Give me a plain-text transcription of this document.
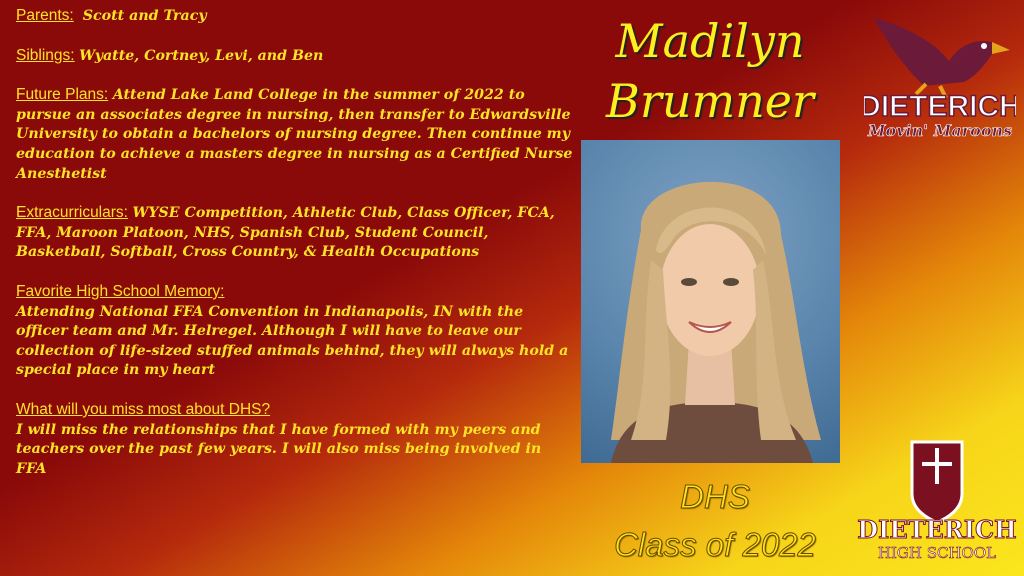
Parents: Scott and Tracy

Siblings: Wyatte, Cortney, Levi, and Ben

Future Plans: Attend Lake Land College in the summer of 2022 to pursue an associates degree in nursing, then transfer to Edwardsville University to obtain a bachelors of nursing degree. Then continue my education to achieve a masters degree in nursing as a Certified Nurse Anesthetist

Extracurriculars: WYSE Competition, Athletic Club, Class Officer, FCA, FFA, Maroon Platoon, NHS, Spanish Club, Student Council, Basketball, Softball, Cross Country, & Health Occupations

Favorite High School Memory:
Attending National FFA Convention in Indianapolis, IN with the officer team and Mr. Helregel. Although I will have to leave our collection of life-sized stuffed animals behind, they will always hold a special place in my heart

What will you miss most about DHS?
I will miss the relationships that I have formed with my peers and teachers over the past few years. I will also miss being involved in FFA

Madilyn
Brumner
DHS
Class of 2022
DIETERICH
Movin' Maroons
DIETERICH
HIGH SCHOOL
